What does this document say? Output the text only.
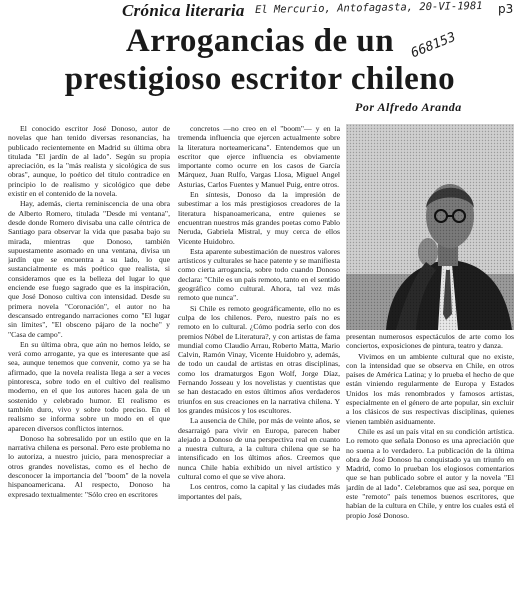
Crónica literaria El Mercurio, Antofagasta, 20-VI-1981 p3
668153
Arrogancias de un
prestigioso escritor chileno
Por Alfredo Aranda

El conocido escritor José Donoso, autor de novelas que han tenido diversas resonancias, ha publicado recientemente en Madrid su última obra titulada "El jardín de al lado". Según su propia apreciación, es la "más realista y sicológica de sus obras", aunque, lo poético del título contradice en principio lo de realismo y sicológico que debe existir en el contenido de la novela.

Hay, además, cierta reminiscencia de una obra de Alberto Romero, titulada "Desde mi ventana", desde donde Romero divisaba una calle céntrica de Santiago para observar la vida que pasaba bajo su mirada, mientras que Donoso, también supuestamente asomado en una ventana, divisa un jardín que se encuentra a su lado, lo que sustancialmente es más poético que realista, si consideramos que es la belleza del lugar lo que enciende ese fuego sagrado que es la inspiración, que José Donoso cultiva con intensidad. Desde su primera novela "Coronación", el autor no ha descansado entregando narraciones como "El lugar sin límites", "El obsceno pájaro de la noche" y "Casa de campo".

En su última obra, que aún no hemos leído, se verá como arrogante, ya que es interesante que así sea, aunque tenemos que convenir, como ya se ha afirmado, que la novela realista llega a ser a veces pintoresca, sobre todo en el cultivo del realismo moderno, en el que los autores hacen gala de un sostenido y celebrado humor. El realismo es también duro, vivo y sobre todo preciso. En el realismo se informa sobre un modo en el que aparecen diversos conflictos internos.

Donoso ha sobresalido por un estilo que en la narrativa chilena es personal. Pero este problema no lo autoriza, a nuestro juicio, para menospreciar a otros grandes novelistas, como es el hecho de desconocer la importancia del "boom" de la novela hispanoamericana. Al respecto, Donoso ha expresado textualmente: "Sólo creo en escritores

concretos —no creo en el "boom"— y en la tremenda influencia que ejercen actualmente sobre la literatura norteamericana". Entendemos que un escritor que ejerce influencia es obviamente importante como ocurre en los casos de García Márquez, Juan Rulfo, Vargas Llosa, Miguel Angel Asturias, Carlos Fuentes y Manuel Puig, entre otros.

En síntesis, Donoso da la impresión de subestimar a los más prestigiosos creadores de la literatura hispanoamericana, entre quienes se encuentran nuestros más grandes poetas como Pablo Neruda, Gabriela Mistral, y muy cerca de ellos Vicente Huidobro.

Esta aparente subestimación de nuestros valores artísticos y culturales se hace patente y se manifiesta como cierta arrogancia, sobre todo cuando Donoso declara: "Chile es un país remoto, tanto en el sentido geográfico como cultural. Ahora, tal vez más remoto que nunca".

Si Chile es remoto geográficamente, ello no es culpa de los chilenos. Pero, nuestro país no es remoto en lo cultural. ¿Cómo podría serlo con dos premios Nóbel de Literatura?, y con artistas de fama mundial como Claudio Arrau, Roberto Matta, Mario Calvin, Ramón Vinay, Vicente Huidobro y, además, de todo un caudal de artistas en otras disciplinas, como los dramaturgos Egon Wolf, Jorge Díaz, Fernando Josseau y los novelistas y cuentistas que se han destacado en estos últimos años verdaderos triunfos en sus creaciones en la narrativa chilena. Y los grandes músicos y los escultores.

La ausencia de Chile, por más de veinte años, se desarraigó para vivir en Europa, parecen haber alejado a Donoso de una perspectiva real en cuanto a nuestra cultura, a la cultura chilena que se ha intensificado en los últimos años. Creemos que nunca Chile había exhibido un nivel artístico y cultural como el que se vive ahora.

Los centros, como la capital y las ciudades más importantes del país,

presentan numerosos espectáculos de arte como los conciertos, exposiciones de pintura, teatro y danza.

Vivimos en un ambiente cultural que no existe, con la intensidad que se observa en Chile, en otros países de América Latina; y lo prueba el hecho de que están viniendo regularmente de Europa y Estados Unidos los más renombrados y famosos artistas, especialmente en el género de arte popular, sin excluir a los clásicos de sus respectivas disciplinas, quienes vienen también asiduamente.

Chile es así un país vital en su condición artística. Lo remoto que señala Donoso es una apreciación que no suena a lo verdadero. La publicación de la última obra de José Donoso ha conquistado ya un triunfo en Madrid, como lo prueban los elogiosos comentarios que se han publicado sobre el autor y la novela "El jardín de al lado". Celebramos que así sea, porque en este "remoto" país tenemos buenos escritores, que habían de la cultura en Chile, y entre los cuales está el propio José Donoso.
